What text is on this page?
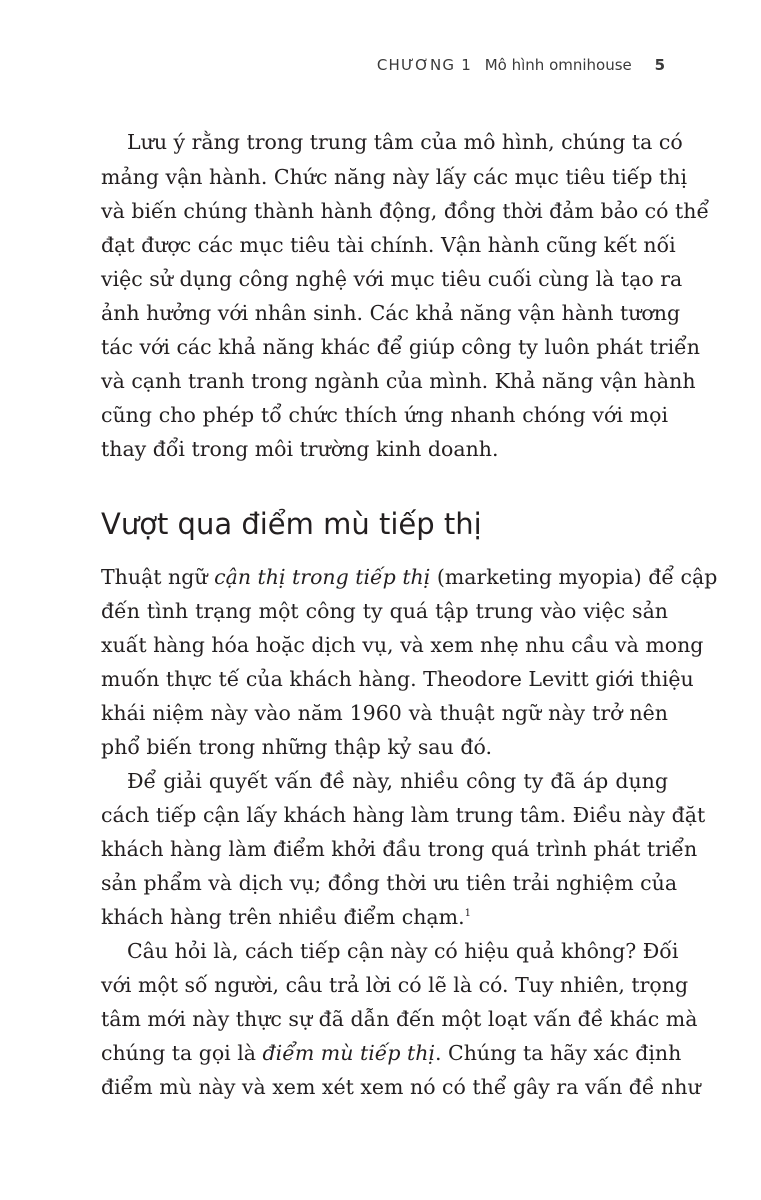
CHƯƠNG 1 Mô hình omnihouse 5
Lưu ý rằng trong trung tâm của mô hình, chúng ta có
mảng vận hành. Chức năng này lấy các mục tiêu tiếp thị
và biến chúng thành hành động, đồng thời đảm bảo có thể
đạt được các mục tiêu tài chính. Vận hành cũng kết nối
việc sử dụng công nghệ với mục tiêu cuối cùng là tạo ra
ảnh hưởng với nhân sinh. Các khả năng vận hành tương
tác với các khả năng khác để giúp công ty luôn phát triển
và cạnh tranh trong ngành của mình. Khả năng vận hành
cũng cho phép tổ chức thích ứng nhanh chóng với mọi
thay đổi trong môi trường kinh doanh.
Vượt qua điểm mù tiếp thị
Thuật ngữ cận thị trong tiếp thị (marketing myopia) để cập
đến tình trạng một công ty quá tập trung vào việc sản
xuất hàng hóa hoặc dịch vụ, và xem nhẹ nhu cầu và mong
muốn thực tế của khách hàng. Theodore Levitt giới thiệu
khái niệm này vào năm 1960 và thuật ngữ này trở nên
phổ biến trong những thập kỷ sau đó.
Để giải quyết vấn đề này, nhiều công ty đã áp dụng
cách tiếp cận lấy khách hàng làm trung tâm. Điều này đặt
khách hàng làm điểm khởi đầu trong quá trình phát triển
sản phẩm và dịch vụ; đồng thời ưu tiên trải nghiệm của
khách hàng trên nhiều điểm chạm.$^1$
Câu hỏi là, cách tiếp cận này có hiệu quả không? Đối
với một số người, câu trả lời có lẽ là có. Tuy nhiên, trọng
tâm mới này thực sự đã dẫn đến một loạt vấn đề khác mà
chúng ta gọi là điểm mù tiếp thị. Chúng ta hãy xác định
điểm mù này và xem xét xem nó có thể gây ra vấn đề như
